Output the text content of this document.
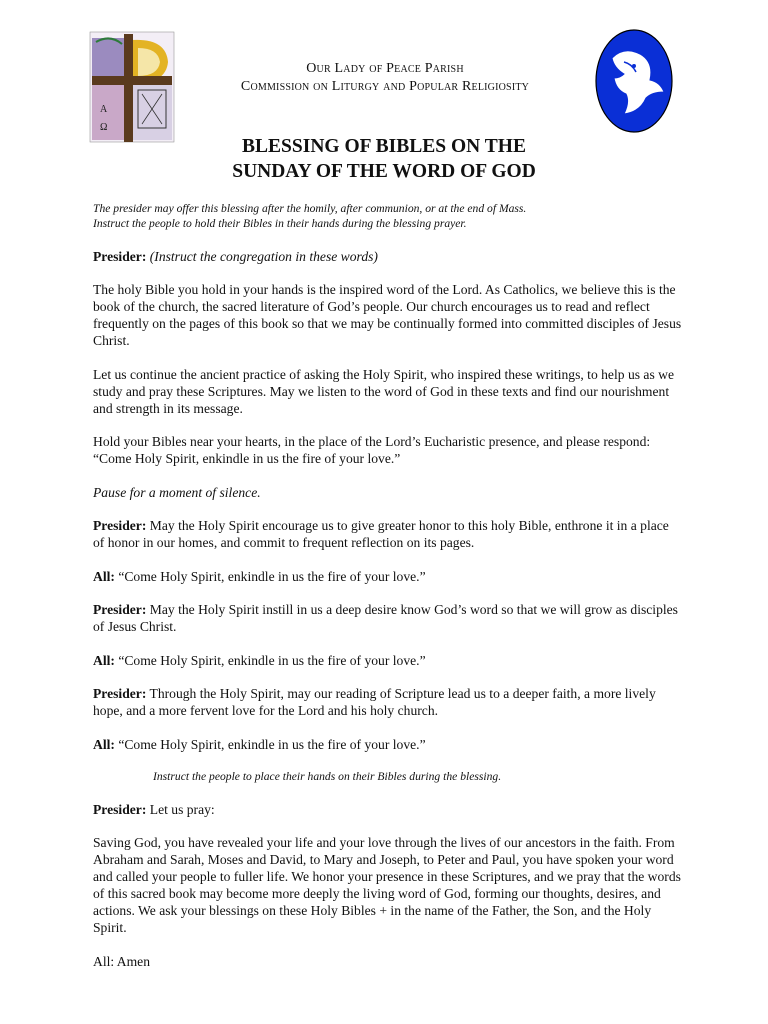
A
Ω
Our Lady of Peace Parish
Commission on Liturgy and Popular Religiosity
BLESSING OF BIBLES ON THE
SUNDAY OF THE WORD OF GOD

The presider may offer this blessing after the homily, after communion, or at the end of Mass.
Instruct the people to hold their Bibles in their hands during the blessing prayer.

Presider: (Instruct the congregation in these words)

The holy Bible you hold in your hands is the inspired word of the Lord. As Catholics, we believe this is the book of the church, the sacred literature of God’s people. Our church encourages us to read and reflect frequently on the pages of this book so that we may be continually formed into committed disciples of Jesus Christ.

Let us continue the ancient practice of asking the Holy Spirit, who inspired these writings, to help us as we study and pray these Scriptures. May we listen to the word of God in these texts and find our nourishment and strength in its message.

Hold your Bibles near your hearts, in the place of the Lord’s Eucharistic presence, and please respond: “Come Holy Spirit, enkindle in us the fire of your love.”

Pause for a moment of silence.

Presider: May the Holy Spirit encourage us to give greater honor to this holy Bible, enthrone it in a place of honor in our homes, and commit to frequent reflection on its pages.

All: “Come Holy Spirit, enkindle in us the fire of your love.”

Presider: May the Holy Spirit instill in us a deep desire know God’s word so that we will grow as disciples of Jesus Christ.

All: “Come Holy Spirit, enkindle in us the fire of your love.”

Presider: Through the Holy Spirit, may our reading of Scripture lead us to a deeper faith, a more lively hope, and a more fervent love for the Lord and his holy church.

All: “Come Holy Spirit, enkindle in us the fire of your love.”

Instruct the people to place their hands on their Bibles during the blessing.

Presider: Let us pray:

Saving God, you have revealed your life and your love through the lives of our ancestors in the faith. From Abraham and Sarah, Moses and David, to Mary and Joseph, to Peter and Paul, you have spoken your word and called your people to fuller life. We honor your presence in these Scriptures, and we pray that the words of this sacred book may become more deeply the living word of God, forming our thoughts, desires, and actions. We ask your blessings on these Holy Bibles + in the name of the Father, the Son, and the Holy Spirit.

All: Amen
